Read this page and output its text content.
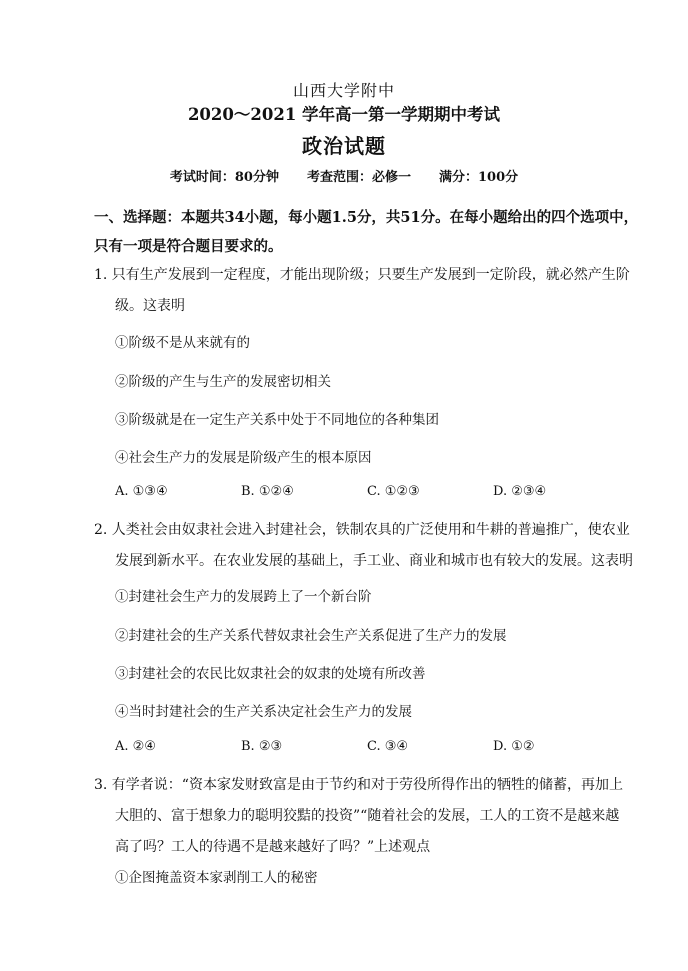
山西大学附中
2020～2021 学年高一第一学期期中考试
政治试题
考试时间：80分钟 考查范围：必修一 满分：100分
一、选择题：本题共34小题，每小题1.5分，共51分。在每小题给出的四个选项中，
只有一项是符合题目要求的。
1. 只有生产发展到一定程度，才能出现阶级；只要生产发展到一定阶段，就必然产生阶
级。这表明
①阶级不是从来就有的
②阶级的产生与生产的发展密切相关
③阶级就是在一定生产关系中处于不同地位的各种集团
④社会生产力的发展是阶级产生的根本原因
A. ①③④	B. ①②④	C. ①②③	D. ②③④
2. 人类社会由奴隶社会进入封建社会，铁制农具的广泛使用和牛耕的普遍推广，使农业
发展到新水平。在农业发展的基础上，手工业、商业和城市也有较大的发展。这表明
①封建社会生产力的发展跨上了一个新台阶
②封建社会的生产关系代替奴隶社会生产关系促进了生产力的发展
③封建社会的农民比奴隶社会的奴隶的处境有所改善
④当时封建社会的生产关系决定社会生产力的发展
A. ②④	B. ②③	C. ③④	D. ①②
3. 有学者说：“资本家发财致富是由于节约和对于劳役所得作出的牺牲的储蓄，再加上
大胆的、富于想象力的聪明狡黠的投资”“随着社会的发展，工人的工资不是越来越
高了吗？工人的待遇不是越来越好了吗？”上述观点
①企图掩盖资本家剥削工人的秘密
